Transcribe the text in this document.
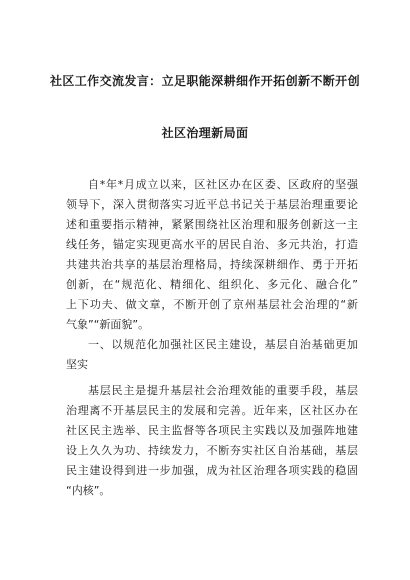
社区工作交流发言：立足职能深耕细作开拓创新不断开创
社区治理新局面
自*年*月成立以来，区社区办在区委、区政府的坚强
领导下，深入贯彻落实习近平总书记关于基层治理重要论
述和重要指示精神，紧紧围绕社区治理和服务创新这一主
线任务，锚定实现更高水平的居民自治、多元共治，打造
共建共治共享的基层治理格局，持续深耕细作、勇于开拓
创新，在“规范化、精细化、组织化、多元化、融合化”
上下功夫、做文章，不断开创了京州基层社会治理的“新
气象”“新面貌”。
一、以规范化加强社区民主建设，基层自治基础更加
坚实
基层民主是提升基层社会治理效能的重要手段，基层
治理离不开基层民主的发展和完善。近年来，区社区办在
社区民主选举、民主监督等各项民主实践以及加强阵地建
设上久久为功、持续发力，不断夯实社区自治基础，基层
民主建设得到进一步加强，成为社区治理各项实践的稳固
“内核”。
